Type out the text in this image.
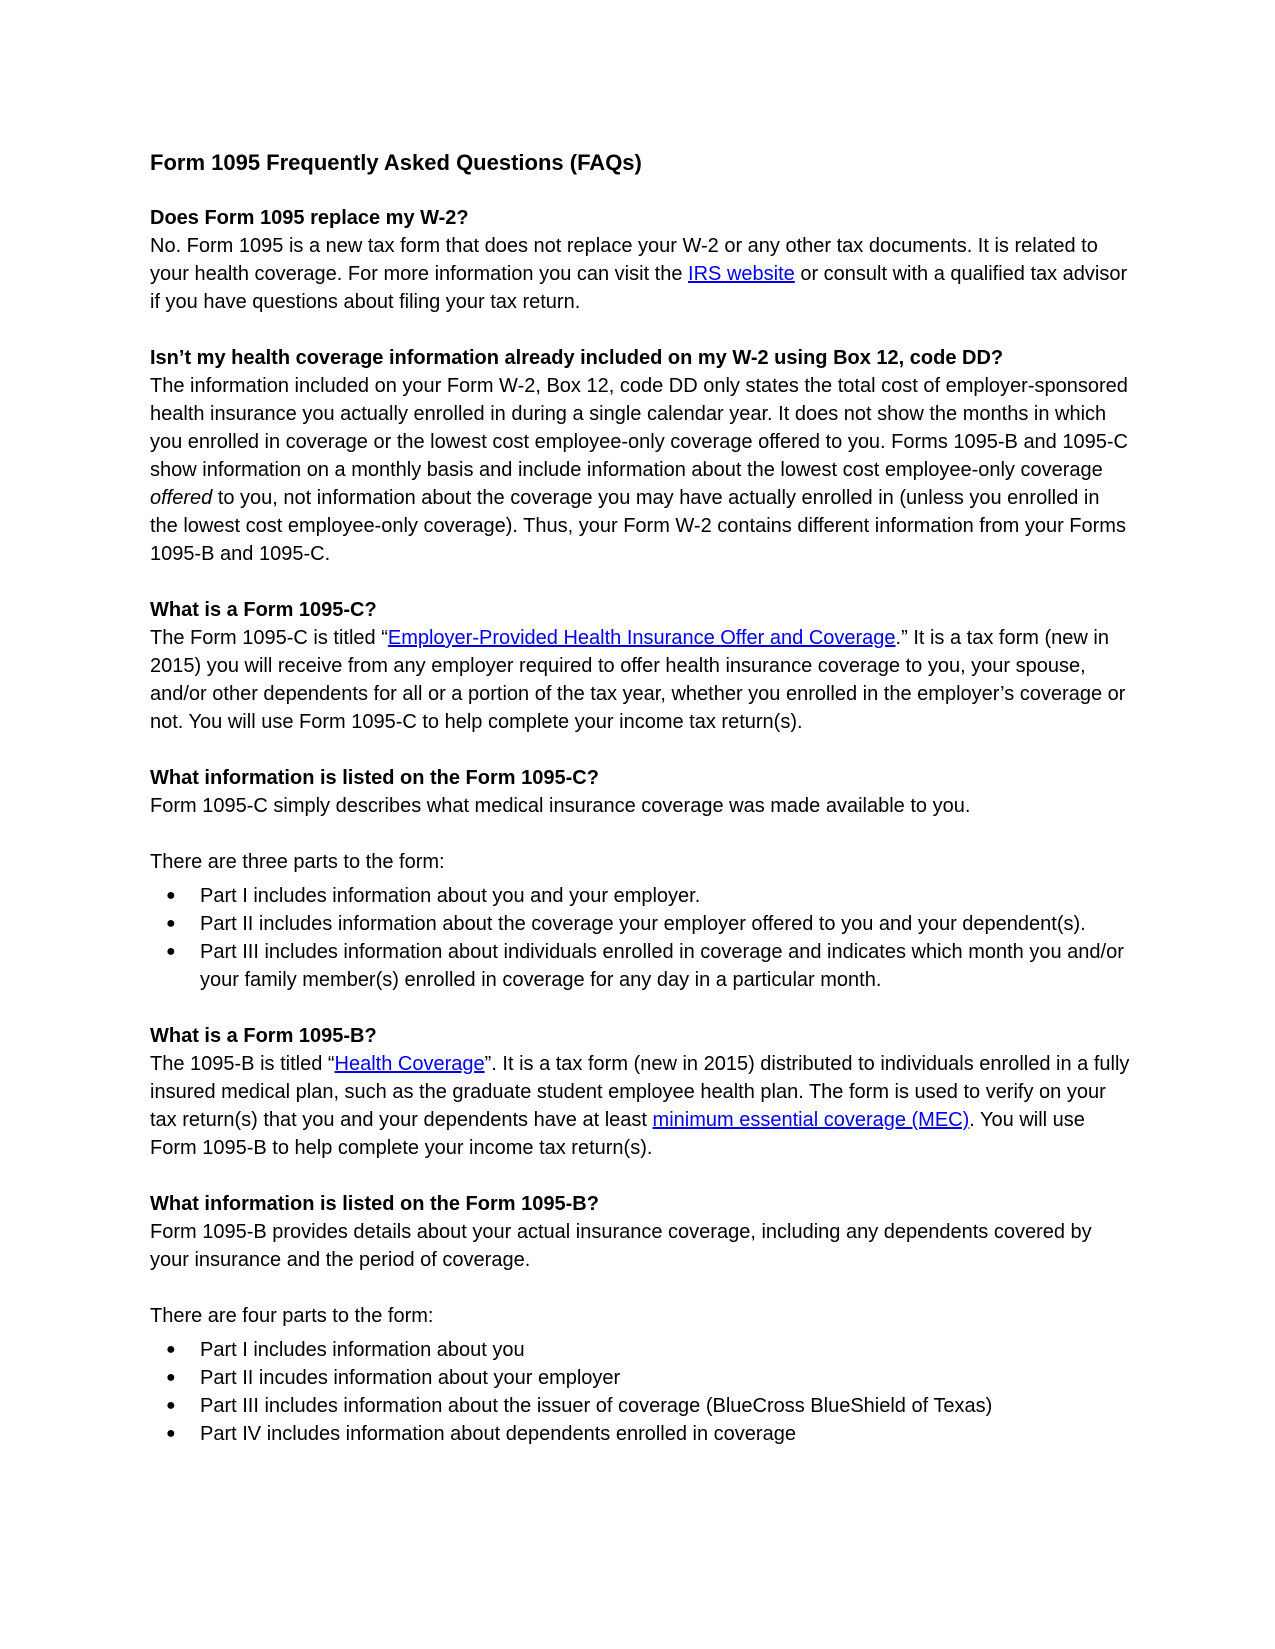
Form 1095 Frequently Asked Questions (FAQs)

Does Form 1095 replace my W-2?

No. Form 1095 is a new tax form that does not replace your W-2 or any other tax documents. It is related to your health coverage. For more information you can visit the IRS website or consult with a qualified tax advisor if you have questions about filing your tax return.

Isn’t my health coverage information already included on my W-2 using Box 12, code DD?

The information included on your Form W-2, Box 12, code DD only states the total cost of employer-sponsored health insurance you actually enrolled in during a single calendar year. It does not show the months in which you enrolled in coverage or the lowest cost employee-only coverage offered to you. Forms 1095-B and 1095-C show information on a monthly basis and include information about the lowest cost employee-only coverage offered to you, not information about the coverage you may have actually enrolled in (unless you enrolled in the lowest cost employee-only coverage). Thus, your Form W-2 contains different information from your Forms 1095-B and 1095-C.

What is a Form 1095-C?

The Form 1095-C is titled “Employer-Provided Health Insurance Offer and Coverage.” It is a tax form (new in 2015) you will receive from any employer required to offer health insurance coverage to you, your spouse, and/or other dependents for all or a portion of the tax year, whether you enrolled in the employer’s coverage or not. You will use Form 1095-C to help complete your income tax return(s).

What information is listed on the Form 1095-C?

Form 1095-C simply describes what medical insurance coverage was made available to you.

There are three parts to the form:

● Part I includes information about you and your employer.
● Part II includes information about the coverage your employer offered to you and your dependent(s).
● Part III includes information about individuals enrolled in coverage and indicates which month you and/or your family member(s) enrolled in coverage for any day in a particular month.

What is a Form 1095-B?

The 1095-B is titled “Health Coverage”. It is a tax form (new in 2015) distributed to individuals enrolled in a fully insured medical plan, such as the graduate student employee health plan. The form is used to verify on your tax return(s) that you and your dependents have at least minimum essential coverage (MEC). You will use Form 1095-B to help complete your income tax return(s).

What information is listed on the Form 1095-B?

Form 1095-B provides details about your actual insurance coverage, including any dependents covered by your insurance and the period of coverage.

There are four parts to the form:

● Part I includes information about you
● Part II incudes information about your employer
● Part III includes information about the issuer of coverage (BlueCross BlueShield of Texas)
● Part IV includes information about dependents enrolled in coverage
